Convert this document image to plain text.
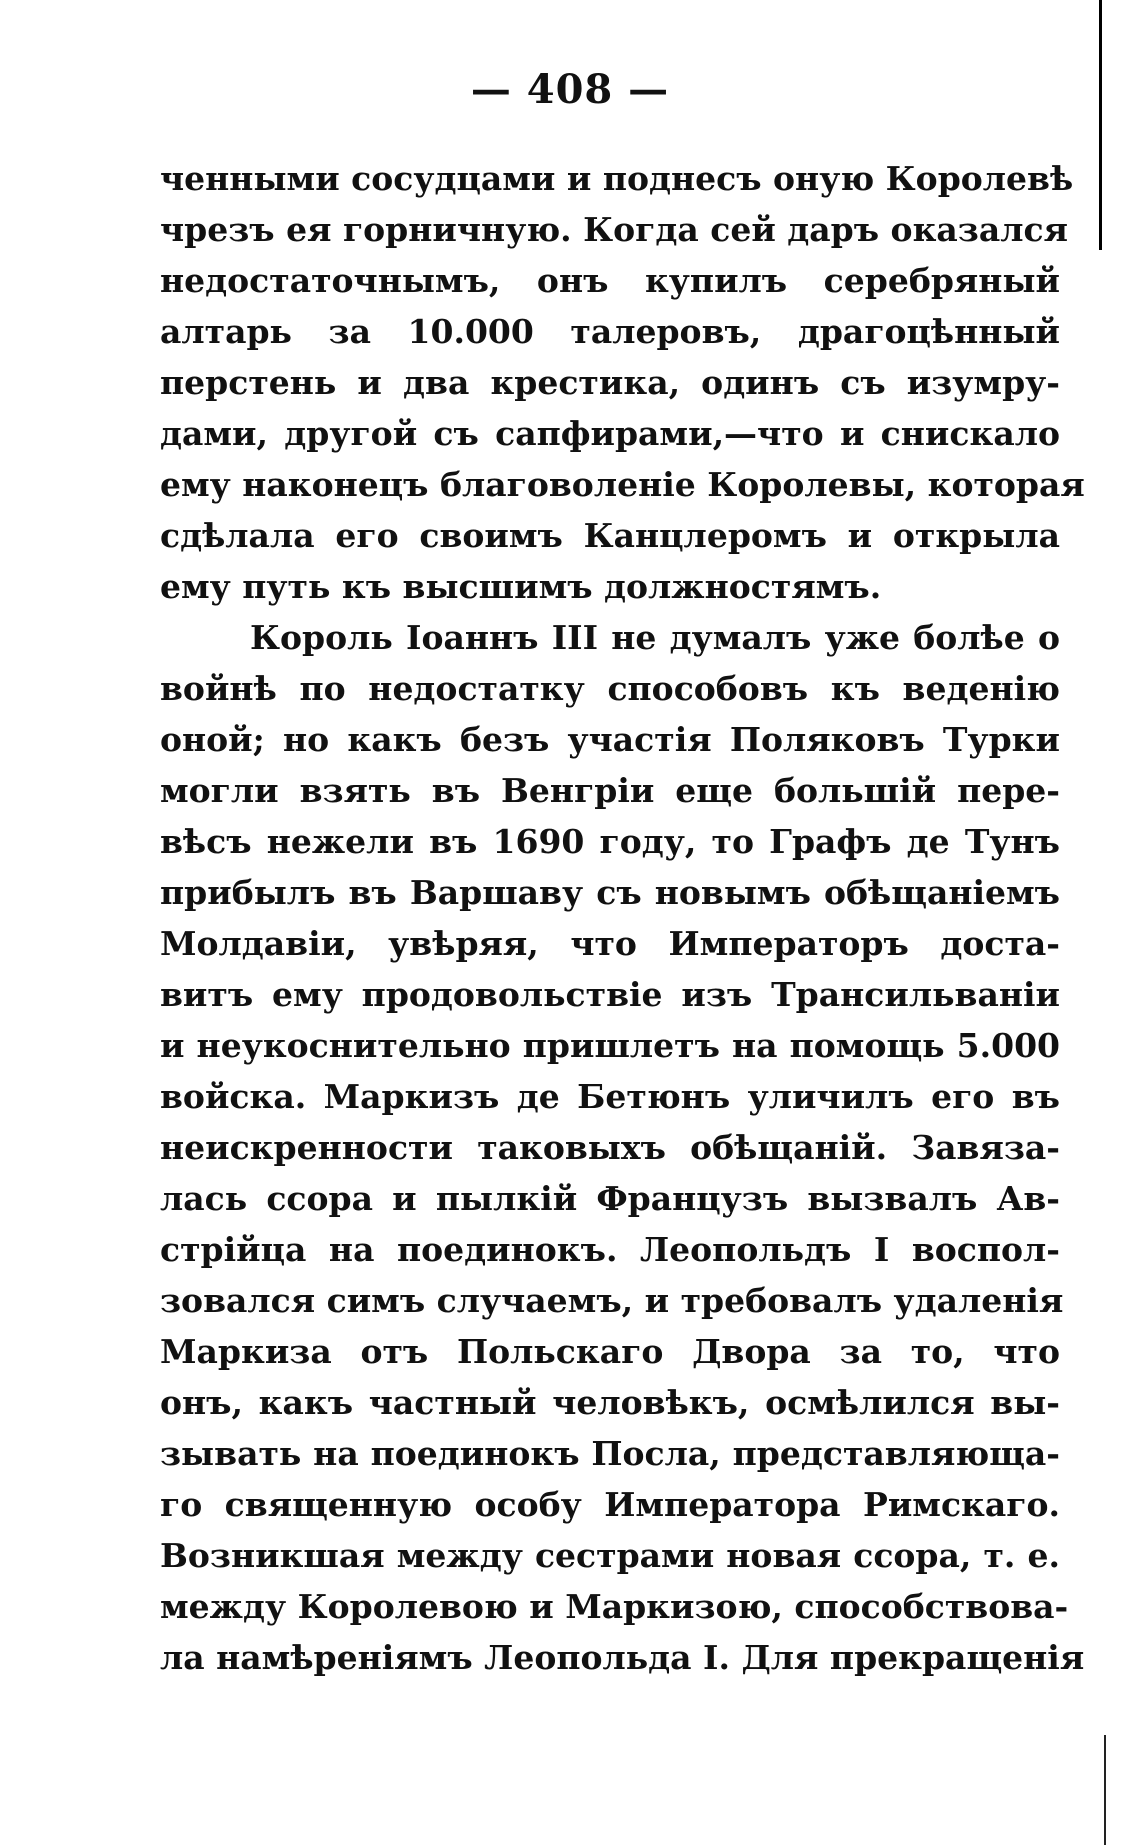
— 408 —
ченными сосудцами и поднесъ оную Королевѣ
чрезъ ея горничную. Когда сей даръ оказался
недостаточнымъ, онъ купилъ серебряный
алтарь за 10.000 талеровъ, драгоцѣнный
перстень и два крестика, одинъ съ изумру-
дами, другой съ сапфирами,—что и снискало
ему наконецъ благоволеніе Королевы, которая
сдѣлала его своимъ Канцлеромъ и открыла
ему путь къ высшимъ должностямъ.
Король Іоаннъ III не думалъ уже болѣе о
войнѣ по недостатку способовъ къ веденію
оной; но какъ безъ участія Поляковъ Турки
могли взять въ Венгріи еще большій пере-
вѣсъ нежели въ 1690 году, то Графъ де Тунъ
прибылъ въ Варшаву съ новымъ обѣщаніемъ
Молдавіи, увѣряя, что Императоръ доста-
витъ ему продовольствіе изъ Трансильваніи
и неукоснительно пришлетъ на помощь 5.000
войска. Маркизъ де Бетюнъ уличилъ его въ
неискренности таковыхъ обѣщаній. Завяза-
лась ссора и пылкій Французъ вызвалъ Ав-
стрійца на поединокъ. Леопольдъ I воспол-
зовался симъ случаемъ, и требовалъ удаленія
Маркиза отъ Польскаго Двора за то, что
онъ, какъ частный человѣкъ, осмѣлился вы-
зывать на поединокъ Посла, представляюща-
го священную особу Императора Римскаго.
Возникшая между сестрами новая ссора, т. е.
между Королевою и Маркизою, способствова-
ла намѣреніямъ Леопольда I. Для прекращенія
